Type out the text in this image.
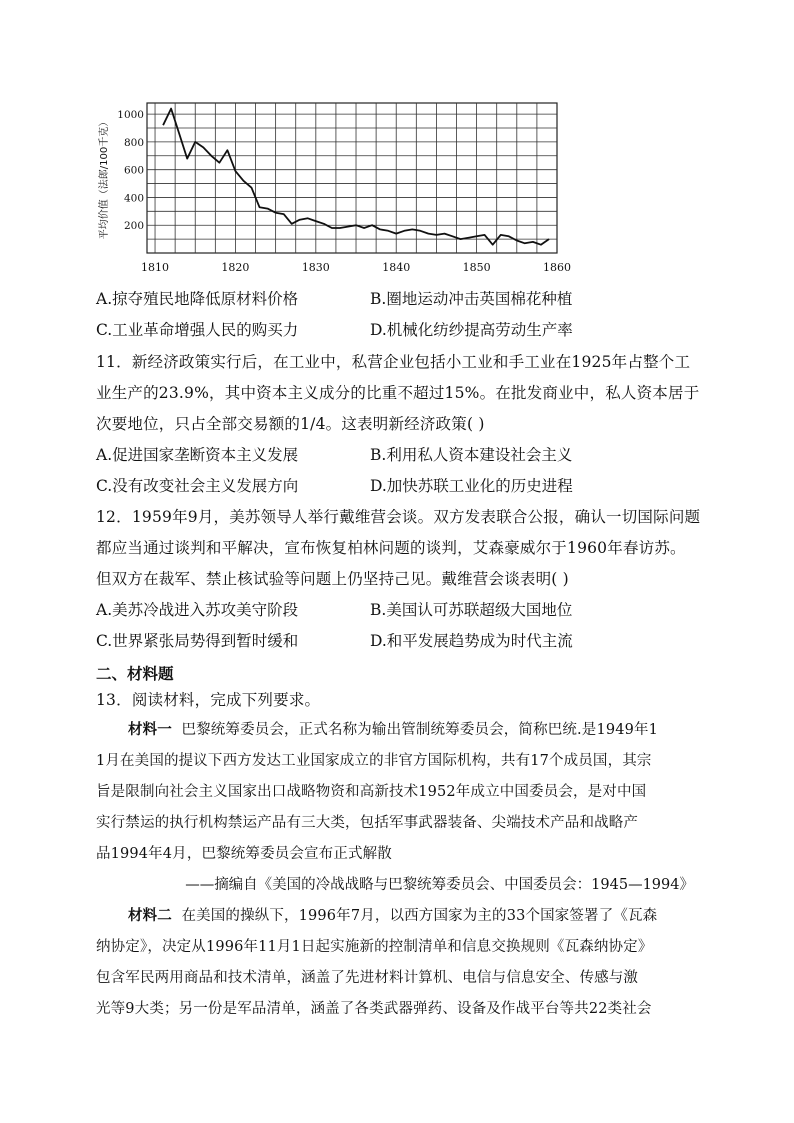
1810	1820	1830	1840	1850	1860
1000
800
600
400
200
平均价值（法郎/100千克）
A.掠夺殖民地降低原材料价格	B.圈地运动冲击英国棉花种植
C.工业革命增强人民的购买力	D.机械化纺纱提高劳动生产率
11．新经济政策实行后，在工业中，私营企业包括小工业和手工业在1925年占整个工
业生产的23.9%，其中资本主义成分的比重不超过15%。在批发商业中，私人资本居于
次要地位，只占全部交易额的1/4。这表明新经济政策( )
A.促进国家垄断资本主义发展	B.利用私人资本建设社会主义
C.没有改变社会主义发展方向	D.加快苏联工业化的历史进程
12．1959年9月，美苏领导人举行戴维营会谈。双方发表联合公报，确认一切国际问题
都应当通过谈判和平解决，宣布恢复柏林问题的谈判，艾森豪威尔于1960年春访苏。
但双方在裁军、禁止核试验等问题上仍坚持己见。戴维营会谈表明( )
A.美苏冷战进入苏攻美守阶段	B.美国认可苏联超级大国地位
C.世界紧张局势得到暂时缓和	D.和平发展趋势成为时代主流
二、材料题
13．阅读材料，完成下列要求。
材料一 巴黎统筹委员会，正式名称为输出管制统筹委员会，简称巴统.是1949年1
1月在美国的提议下西方发达工业国家成立的非官方国际机构，共有17个成员国，其宗
旨是限制向社会主义国家出口战略物资和高新技术1952年成立中国委员会，是对中国
实行禁运的执行机构禁运产品有三大类，包括军事武器装备、尖端技术产品和战略产
品1994年4月，巴黎统筹委员会宣布正式解散
——摘编自《美国的冷战战略与巴黎统筹委员会、中国委员会：1945—1994》
材料二 在美国的操纵下，1996年7月，以西方国家为主的33个国家签署了《瓦森
纳协定》，决定从1996年11月1日起实施新的控制清单和信息交换规则《瓦森纳协定》
包含军民两用商品和技术清单，涵盖了先进材料计算机、电信与信息安全、传感与激
光等9大类；另一份是军品清单，涵盖了各类武器弹药、设备及作战平台等共22类社会
